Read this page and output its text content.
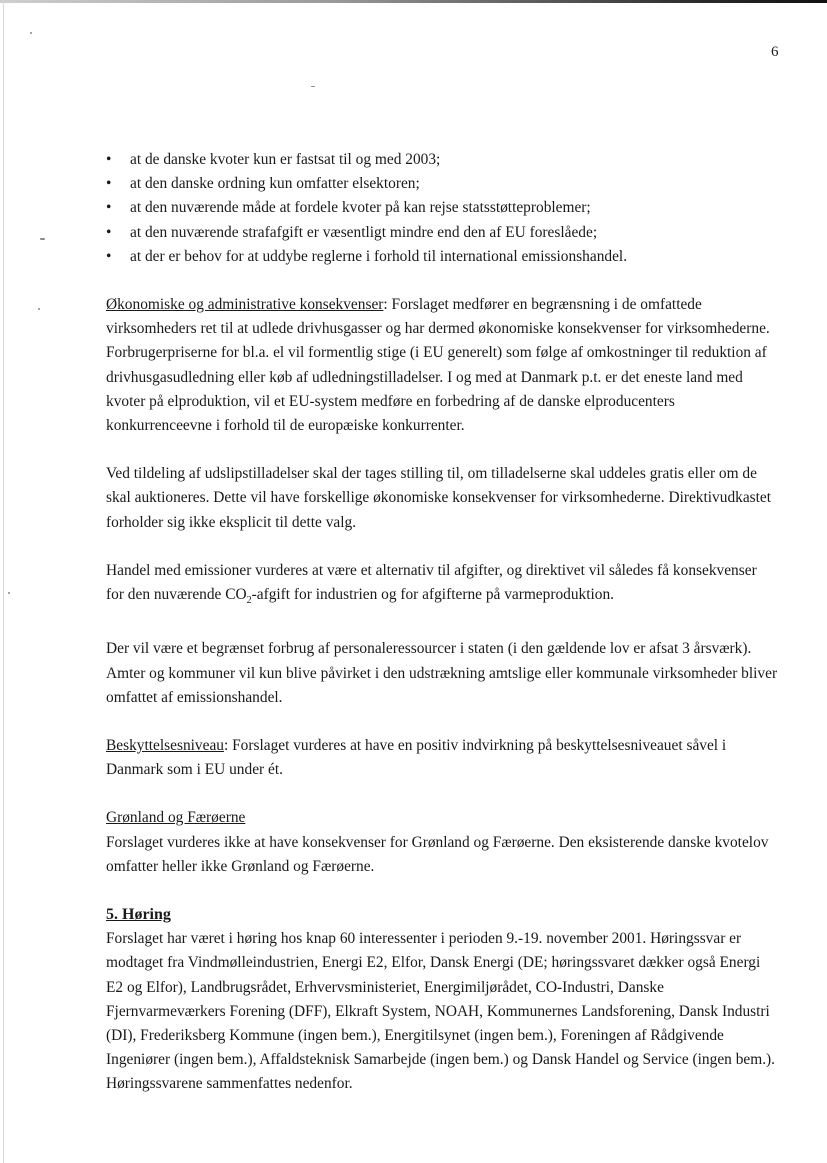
6
• at de danske kvoter kun er fastsat til og med 2003;
• at den danske ordning kun omfatter elsektoren;
• at den nuværende måde at fordele kvoter på kan rejse statsstøtteproblemer;
• at den nuværende strafafgift er væsentligt mindre end den af EU foreslåede;
• at der er behov for at uddybe reglerne i forhold til international emissionshandel.

Økonomiske og administrative konsekvenser: Forslaget medfører en begrænsning i de omfattede virksomheders ret til at udlede drivhusgasser og har dermed økonomiske konsekvenser for virksomhederne. Forbrugerpriserne for bl.a. el vil formentlig stige (i EU generelt) som følge af omkostninger til reduktion af drivhusgasudledning eller køb af udledningstilladelser. I og med at Danmark p.t. er det eneste land med kvoter på elproduktion, vil et EU-system medføre en forbedring af de danske elproducenters konkurrenceevne i forhold til de europæiske konkurrenter.

Ved tildeling af udslipstilladelser skal der tages stilling til, om tilladelserne skal uddeles gratis eller om de skal auktioneres. Dette vil have forskellige økonomiske konsekvenser for virksomhederne. Direktivudkastet forholder sig ikke eksplicit til dette valg.

Handel med emissioner vurderes at være et alternativ til afgifter, og direktivet vil således få konsekvenser for den nuværende $CO_2$-afgift for industrien og for afgifterne på varmeproduktion.

Der vil være et begrænset forbrug af personaleressourcer i staten (i den gældende lov er afsat 3 årsværk). Amter og kommuner vil kun blive påvirket i den udstrækning amtslige eller kommunale virksomheder bliver omfattet af emissionshandel.

Beskyttelsesniveau: Forslaget vurderes at have en positiv indvirkning på beskyttelsesniveauet såvel i Danmark som i EU under ét.

Grønland og Færøerne

Forslaget vurderes ikke at have konsekvenser for Grønland og Færøerne. Den eksisterende danske kvotelov omfatter heller ikke Grønland og Færøerne.

5. Høring

Forslaget har været i høring hos knap 60 interessenter i perioden 9.-19. november 2001. Høringssvar er modtaget fra Vindmølleindustrien, Energi E2, Elfor, Dansk Energi (DE; høringssvaret dækker også Energi E2 og Elfor), Landbrugsrådet, Erhvervsministeriet, Energimiljørådet, CO-Industri, Danske Fjernvarmeværkers Forening (DFF), Elkraft System, NOAH, Kommunernes Landsforening, Dansk Industri (DI), Frederiksberg Kommune (ingen bem.), Energitilsynet (ingen bem.), Foreningen af Rådgivende Ingeniører (ingen bem.), Affaldsteknisk Samarbejde (ingen bem.) og Dansk Handel og Service (ingen bem.). Høringssvarene sammenfattes nedenfor.
